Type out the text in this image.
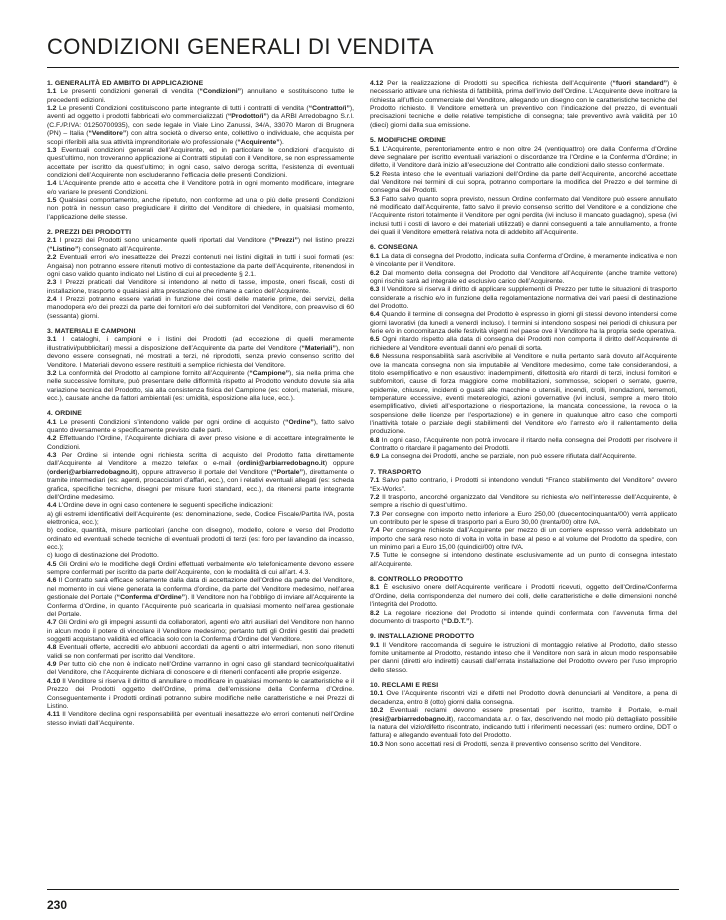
CONDIZIONI GENERALI DI VENDITA
1. GENERALITÀ ED AMBITO DI APPLICAZIONE

1.1 Le presenti condizioni generali di vendita (“Condizioni”) annullano e sostituiscono tutte le precedenti edizioni.

1.2 Le presenti Condizioni costituiscono parte integrante di tutti i contratti di vendita (“Contratto/i”), aventi ad oggetto i prodotti fabbricati e/o commercializzati (“Prodotto/i”) da ARBI Arredobagno S.r.l. (C.F./P.IVA: 01250700935), con sede legale in Viale Lino Zanussi, 34/A, 33070 Maron di Brugnera (PN) – Italia (“Venditore”) con altra società o diverso ente, collettivo o individuale, che acquista per scopi riferibili alla sua attività imprenditoriale e/o professionale (“Acquirente”).

1.3 Eventuali condizioni generali dell’Acquirente, ed in particolare le condizioni d’acquisto di quest’ultimo, non troveranno applicazione ai Contratti stipulati con il Venditore, se non espressamente accettate per iscritto da quest’ultimo; in ogni caso, salvo deroga scritta, l’esistenza di eventuali condizioni dell’Acquirente non escluderanno l’efficacia delle presenti Condizioni.

1.4 L’Acquirente prende atto e accetta che il Venditore potrà in ogni momento modificare, integrare e/o variare le presenti Condizioni.

1.5 Qualsiasi comportamento, anche ripetuto, non conforme ad una o più delle presenti Condizioni non potrà in nessun caso pregiudicare il diritto del Venditore di chiedere, in qualsiasi momento, l’applicazione delle stesse.

2. PREZZI DEI PRODOTTI

2.1 I prezzi dei Prodotti sono unicamente quelli riportati dal Venditore (“Prezzi”) nel listino prezzi (“Listino”) consegnato all’Acquirente.

2.2 Eventuali errori e/o inesattezze dei Prezzi contenuti nei listini digitali in tutti i suoi formati (es: Angaisa) non potranno essere ritenuti motivo di contestazione da parte dell’Acquirente, ritenendosi in ogni caso valido quanto indicato nel Listino di cui al precedente § 2.1.

2.3 I Prezzi praticati dal Venditore si intendono al netto di tasse, imposte, oneri fiscali, costi di installazione, trasporto e qualsiasi altra prestazione che rimane a carico dell’Acquirente.

2.4 I Prezzi potranno essere variati in funzione dei costi delle materie prime, dei servizi, della manodopera e/o dei prezzi da parte dei fornitori e/o dei subfornitori del Venditore, con preavviso di 60 (sessanta) giorni.

3. MATERIALI E CAMPIONI

3.1 I cataloghi, i campioni e i listini dei Prodotti (ad eccezione di quelli meramente illustrativi/pubblicitari) messi a disposizione dell’Acquirente da parte del Venditore (“Materiali”), non devono essere consegnati, né mostrati a terzi, né riprodotti, senza previo consenso scritto del Venditore. I Materiali devono essere restituiti a semplice richiesta del Venditore.

3.2 La conformità del Prodotto al campione fornito all’Acquirente (“Campione”), sia nella prima che nelle successive forniture, può presentare delle difformità rispetto al Prodotto venduto dovute sia alla variazione tecnica del Prodotto, sia alla consistenza fisica del Campione (es: colori, materiali, misure, ecc.), causate anche da fattori ambientali (es: umidità, esposizione alla luce, ecc.).

4. ORDINE

4.1 Le presenti Condizioni s’intendono valide per ogni ordine di acquisto (“Ordine”), fatto salvo quanto diversamente e specificamente previsto dalle parti.

4.2 Effettuando l’Ordine, l’Acquirente dichiara di aver preso visione e di accettare integralmente le Condizioni.

4.3 Per Ordine si intende ogni richiesta scritta di acquisto del Prodotto fatta direttamente dall’Acquirente al Venditore a mezzo telefax o e-mail (ordini@arbiarredobagno.it) oppure (orderi@arbiarredobagno.it), oppure attraverso il portale del Venditore (“Portale”), direttamente o tramite intermediari (es: agenti, procacciatori d’affari, ecc.), con i relativi eventuali allegati (es: scheda grafica, specifiche tecniche, disegni per misure fuori standard, ecc.), da ritenersi parte integrante dell’Ordine medesimo.

4.4 L’Ordine deve in ogni caso contenere le seguenti specifiche indicazioni:

a) gli estremi identificativi dell’Acquirente (es: denominazione, sede, Codice Fiscale/Partita IVA, posta elettronica, ecc.);

b) codice, quantità, misure particolari (anche con disegno), modello, colore e verso del Prodotto ordinato ed eventuali schede tecniche di eventuali prodotti di terzi (es: foro per lavandino da incasso, ecc.);

c) luogo di destinazione del Prodotto.

4.5 Gli Ordini e/o le modifiche degli Ordini effettuati verbalmente e/o telefonicamente devono essere sempre confermati per iscritto da parte dell’Acquirente, con le modalità di cui all’art. 4.3.

4.6 Il Contratto sarà efficace solamente dalla data di accettazione dell’Ordine da parte del Venditore, nel momento in cui viene generata la conferma d’ordine, da parte del Venditore medesimo, nell’area gestionale del Portale (“Conferma d’Ordine”). Il Venditore non ha l’obbligo di inviare all’Acquirente la Conferma d’Ordine, in quanto l’Acquirente può scaricarla in qualsiasi momento nell’area gestionale del Portale.

4.7 Gli Ordini e/o gli impegni assunti da collaboratori, agenti e/o altri ausiliari del Venditore non hanno in alcun modo il potere di vincolare il Venditore medesimo; pertanto tutti gli Ordini gestiti dai predetti soggetti acquistano validità ed efficacia solo con la Conferma d’Ordine del Venditore.

4.8 Eventuali offerte, accrediti e/o abbuoni accordati da agenti o altri intermediari, non sono ritenuti validi se non confermati per iscritto dal Venditore.

4.9 Per tutto ciò che non è indicato nell’Ordine varranno in ogni caso gli standard tecnico/qualitativi del Venditore, che l’Acquirente dichiara di conoscere e di ritenerli confacenti alle proprie esigenze.

4.10 Il Venditore si riserva il diritto di annullare o modificare in qualsiasi momento le caratteristiche e il Prezzo dei Prodotti oggetto dell’Ordine, prima dell’emissione della Conferma d’Ordine. Conseguentemente i Prodotti ordinati potranno subire modifiche nelle caratteristiche e nei Prezzi di Listino.

4.11 Il Venditore declina ogni responsabilità per eventuali inesattezze e/o errori contenuti nell’Ordine stesso inviati dall’Acquirente.

4.12 Per la realizzazione di Prodotti su specifica richiesta dell’Acquirente (“fuori standard”) è necessario attivare una richiesta di fattibilità, prima dell’invio dell’Ordine. L’Acquirente deve inoltrare la richiesta all’ufficio commerciale del Venditore, allegando un disegno con le caratteristiche tecniche del Prodotto richiesto. Il Venditore emetterà un preventivo con l’indicazione del prezzo, di eventuali precisazioni tecniche e delle relative tempistiche di consegna; tale preventivo avrà validità per 10 (dieci) giorni dalla sua emissione.

5. MODIFICHE ORDINE

5.1 L’Acquirente, perentoriamente entro e non oltre 24 (ventiquattro) ore dalla Conferma d’Ordine deve segnalare per iscritto eventuali variazioni o discordanze tra l’Ordine e la Conferma d’Ordine; in difetto, il Venditore darà inizio all’esecuzione del Contratto alle condizioni dallo stesso confermate.

5.2 Resta inteso che le eventuali variazioni dell’Ordine da parte dell’Acquirente, ancorché accettate dal Venditore nei termini di cui sopra, potranno comportare la modifica del Prezzo e del termine di consegna dei Prodotti.

5.3 Fatto salvo quanto sopra previsto, nessun Ordine confermato dal Venditore può essere annullato né modificato dall’Acquirente, fatto salvo il previo consenso scritto del Venditore e a condizione che l’Acquirente ristori totalmente il Venditore per ogni perdita (ivi incluso il mancato guadagno), spesa (ivi inclusi tutti i costi di lavoro e dei materiali utilizzati) e danni conseguenti a tale annullamento, a fronte dei quali il Venditore emetterà relativa nota di addebito all’Acquirente.

6. CONSEGNA

6.1 La data di consegna del Prodotto, indicata sulla Conferma d’Ordine, è meramente indicativa e non è vincolante per il Venditore.

6.2 Dal momento della consegna del Prodotto dal Venditore all’Acquirente (anche tramite vettore) ogni rischio sarà ad integrale ed esclusivo carico dell’Acquirente.

6.3 Il Venditore si riserva il diritto di applicare supplementi di Prezzo per tutte le situazioni di trasporto considerate a rischio e/o in funzione della regolamentazione normativa dei vari paesi di destinazione del Prodotto.

6.4 Quando il termine di consegna del Prodotto è espresso in giorni gli stessi devono intendersi come giorni lavorativi (da lunedì a venerdì incluso). I termini si intendono sospesi nei periodi di chiusura per ferie e/o in concomitanza delle festività vigenti nel paese ove il Venditore ha la propria sede operativa.

6.5 Ogni ritardo rispetto alla data di consegna dei Prodotti non comporta il diritto dell’Acquirente di richiedere al Venditore eventuali danni e/o penali di sorta.

6.6 Nessuna responsabilità sarà ascrivibile al Venditore e nulla pertanto sarà dovuto all’Acquirente ove la mancata consegna non sia imputabile al Venditore medesimo, come tale considerandosi, a titolo esemplificativo e non esaustivo: inadempimenti, difettosità e/o ritardi di terzi, inclusi fornitori e subfornitori, cause di forza maggiore come mobilitazioni, sommosse, scioperi o serrate, guerre, epidemie, chiusure, incidenti o guasti alle macchine o utensili, incendi, crolli, inondazioni, terremoti, temperature eccessive, eventi metereologici, azioni governative (ivi inclusi, sempre a mero titolo esemplificativo, divieti all’esportazione o riesportazione, la mancata concessione, la revoca o la sospensione delle licenze per l’esportazione) e in genere in qualunque altro caso che comporti l’inattività totale o parziale degli stabilimenti del Venditore e/o l’arresto e/o il rallentamento della produzione.

6.8 In ogni caso, l’Acquirente non potrà invocare il ritardo nella consegna dei Prodotti per risolvere il Contratto o ritardare il pagamento dei Prodotti.

6.9 La consegna dei Prodotti, anche se parziale, non può essere rifiutata dall’Acquirente.

7. TRASPORTO

7.1 Salvo patto contrario, i Prodotti si intendono venduti “Franco stabilimento del Venditore” ovvero “Ex-Works”.

7.2 Il trasporto, ancorché organizzato dal Venditore su richiesta e/o nell’interesse dell’Acquirente, è sempre a rischio di quest’ultimo.

7.3 Per consegne con importo netto inferiore a Euro 250,00 (duecentocinquanta/00) verrà applicato un contributo per le spese di trasporto pari a Euro 30,00 (trenta/00) oltre IVA.

7.4 Per consegne richieste dall’Acquirente per mezzo di un corriere espresso verrà addebitato un importo che sarà reso noto di volta in volta in base al peso e al volume del Prodotto da spedire, con un minimo pari a Euro 15,00 (quindici/00) oltre IVA.

7.5 Tutte le consegne si intendono destinate esclusivamente ad un punto di consegna intestato all’Acquirente.

8. CONTROLLO PRODOTTO

8.1 È esclusivo onere dell’Acquirente verificare i Prodotti ricevuti, oggetto dell’Ordine/Conferma d’Ordine, della corrispondenza del numero dei colli, delle caratteristiche e delle dimensioni nonché l’integrità del Prodotto.

8.2 La regolare ricezione del Prodotto si intende quindi confermata con l’avvenuta firma del documento di trasporto (“D.D.T.”).

9. INSTALLAZIONE PRODOTTO

9.1 Il Venditore raccomanda di seguire le istruzioni di montaggio relative al Prodotto, dallo stesso fornite unitamente al Prodotto, restando inteso che il Venditore non sarà in alcun modo responsabile per danni (diretti e/o indiretti) causati dall’errata installazione del Prodotto ovvero per l’uso improprio dello stesso.

10. RECLAMI E RESI

10.1 Ove l’Acquirente riscontri vizi e difetti nel Prodotto dovrà denunciarli al Venditore, a pena di decadenza, entro 8 (otto) giorni dalla consegna.

10.2 Eventuali reclami devono essere presentati per iscritto, tramite il Portale, e-mail (resi@arbiarredobagno.it), raccomandata a.r. o fax, descrivendo nel modo più dettagliato possibile la natura del vizio/difetto riscontrato, indicando tutti i riferimenti necessari (es: numero ordine, DDT o fattura) e allegando eventuali foto del Prodotto.

10.3 Non sono accettati resi di Prodotti, senza il preventivo consenso scritto del Venditore.

230
